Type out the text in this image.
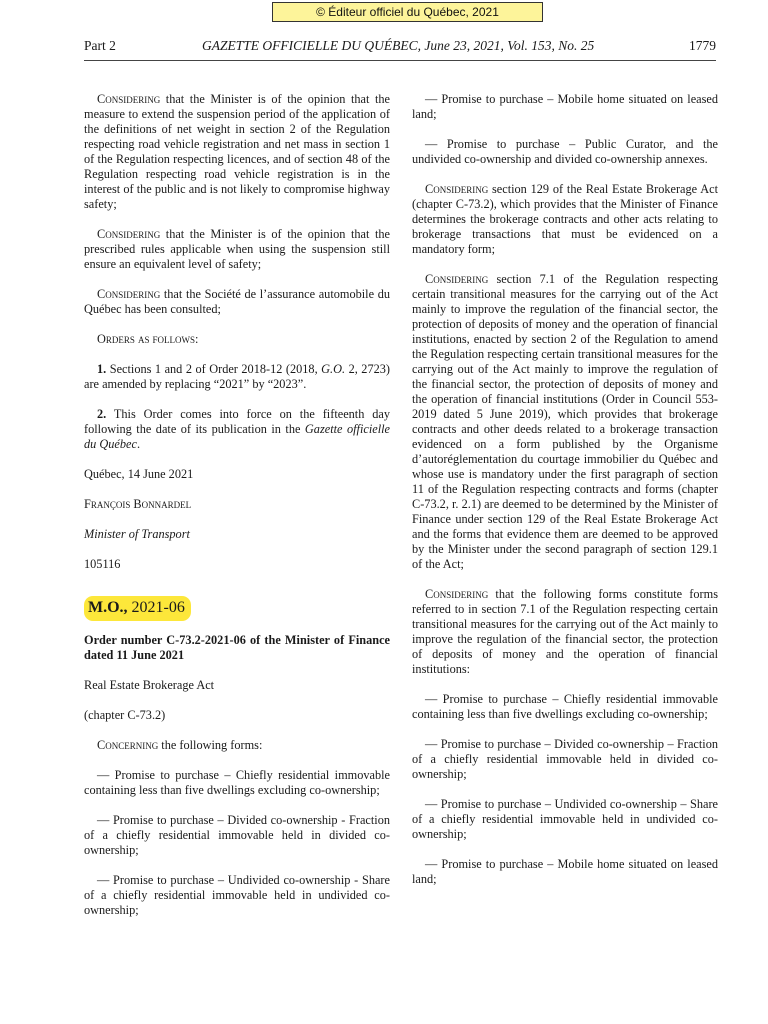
© Éditeur officiel du Québec, 2021
Part 2	GAZETTE OFFICIELLE DU QUÉBEC, June 23, 2021, Vol. 153, No. 25	1779

Considering that the Minister is of the opinion that the measure to extend the suspension period of the application of the definitions of net weight in section 2 of the Regulation respecting road vehicle registration and net mass in section 1 of the Regulation respecting licences, and of section 48 of the Regulation respecting road vehicle registration is in the interest of the public and is not likely to compromise highway safety;

Considering that the Minister is of the opinion that the prescribed rules applicable when using the suspension still ensure an equivalent level of safety;

Considering that the Société de l’assurance automobile du Québec has been consulted;

Orders as follows:

1. Sections 1 and 2 of Order 2018-12 (2018, G.O. 2, 2723) are amended by replacing “2021” by “2023”.

2. This Order comes into force on the fifteenth day following the date of its publication in the Gazette officielle du Québec.

Québec, 14 June 2021

François Bonnardel

Minister of Transport

105116

M.O., 2021-06

Order number C-73.2-2021-06 of the Minister of Finance dated 11 June 2021

Real Estate Brokerage Act

(chapter C-73.2)

Concerning the following forms:

— Promise to purchase – Chiefly residential immovable containing less than five dwellings excluding co-ownership;

— Promise to purchase – Divided co-ownership - Fraction of a chiefly residential immovable held in divided co-ownership;

— Promise to purchase – Undivided co-ownership - Share of a chiefly residential immovable held in undivided co-ownership;

— Promise to purchase – Mobile home situated on leased land;

— Promise to purchase – Public Curator, and the undivided co-ownership and divided co-ownership annexes.

Considering section 129 of the Real Estate Brokerage Act (chapter C-73.2), which provides that the Minister of Finance determines the brokerage contracts and other acts relating to brokerage transactions that must be evidenced on a mandatory form;

Considering section 7.1 of the Regulation respecting certain transitional measures for the carrying out of the Act mainly to improve the regulation of the financial sector, the protection of deposits of money and the operation of financial institutions, enacted by section 2 of the Regulation to amend the Regulation respecting certain transitional measures for the carrying out of the Act mainly to improve the regulation of the financial sector, the protection of deposits of money and the operation of financial institutions (Order in Council 553-2019 dated 5 June 2019), which provides that brokerage contracts and other deeds related to a brokerage transaction evidenced on a form published by the Organisme d’autoréglementation du courtage immobilier du Québec and whose use is mandatory under the first paragraph of section 11 of the Regulation respecting contracts and forms (chapter C-73.2, r. 2.1) are deemed to be determined by the Minister of Finance under section 129 of the Real Estate Brokerage Act and the forms that evidence them are deemed to be approved by the Minister under the second paragraph of section 129.1 of the Act;

Considering that the following forms constitute forms referred to in section 7.1 of the Regulation respecting certain transitional measures for the carrying out of the Act mainly to improve the regulation of the financial sector, the protection of deposits of money and the operation of financial institutions:

— Promise to purchase – Chiefly residential immovable containing less than five dwellings excluding co-ownership;

— Promise to purchase – Divided co-ownership – Fraction of a chiefly residential immovable held in divided co-ownership;

— Promise to purchase – Undivided co-ownership – Share of a chiefly residential immovable held in undivided co-ownership;

— Promise to purchase – Mobile home situated on leased land;
